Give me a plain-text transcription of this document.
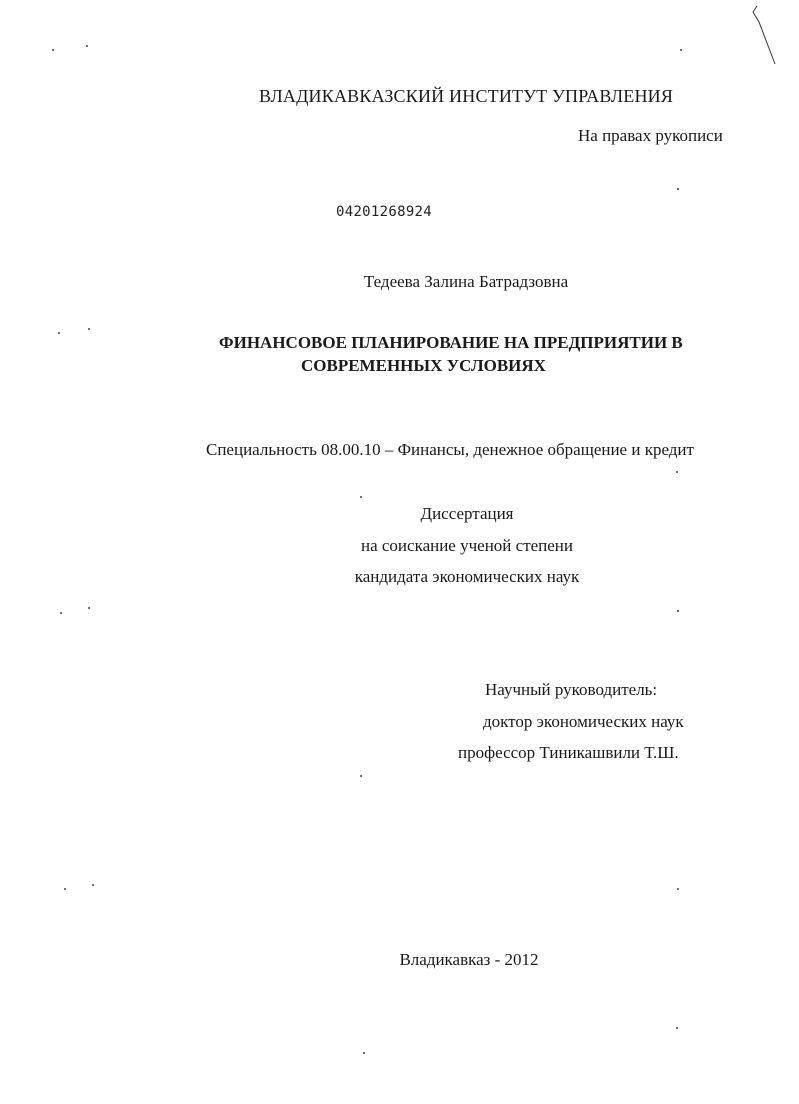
ВЛАДИКАВКАЗСКИЙ ИНСТИТУТ УПРАВЛЕНИЯ
На правах рукописи
04201268924
Тедеева Залина Батрадзовна
ФИНАНСОВОЕ ПЛАНИРОВАНИЕ НА ПРЕДПРИЯТИИ В
СОВРЕМЕННЫХ УСЛОВИЯХ
Специальность 08.00.10 – Финансы, денежное обращение и кредит
Диссертация
на соискание ученой степени
кандидата экономических наук
Научный руководитель:
доктор экономических наук
профессор Тиникашвили Т.Ш.
Владикавказ - 2012
